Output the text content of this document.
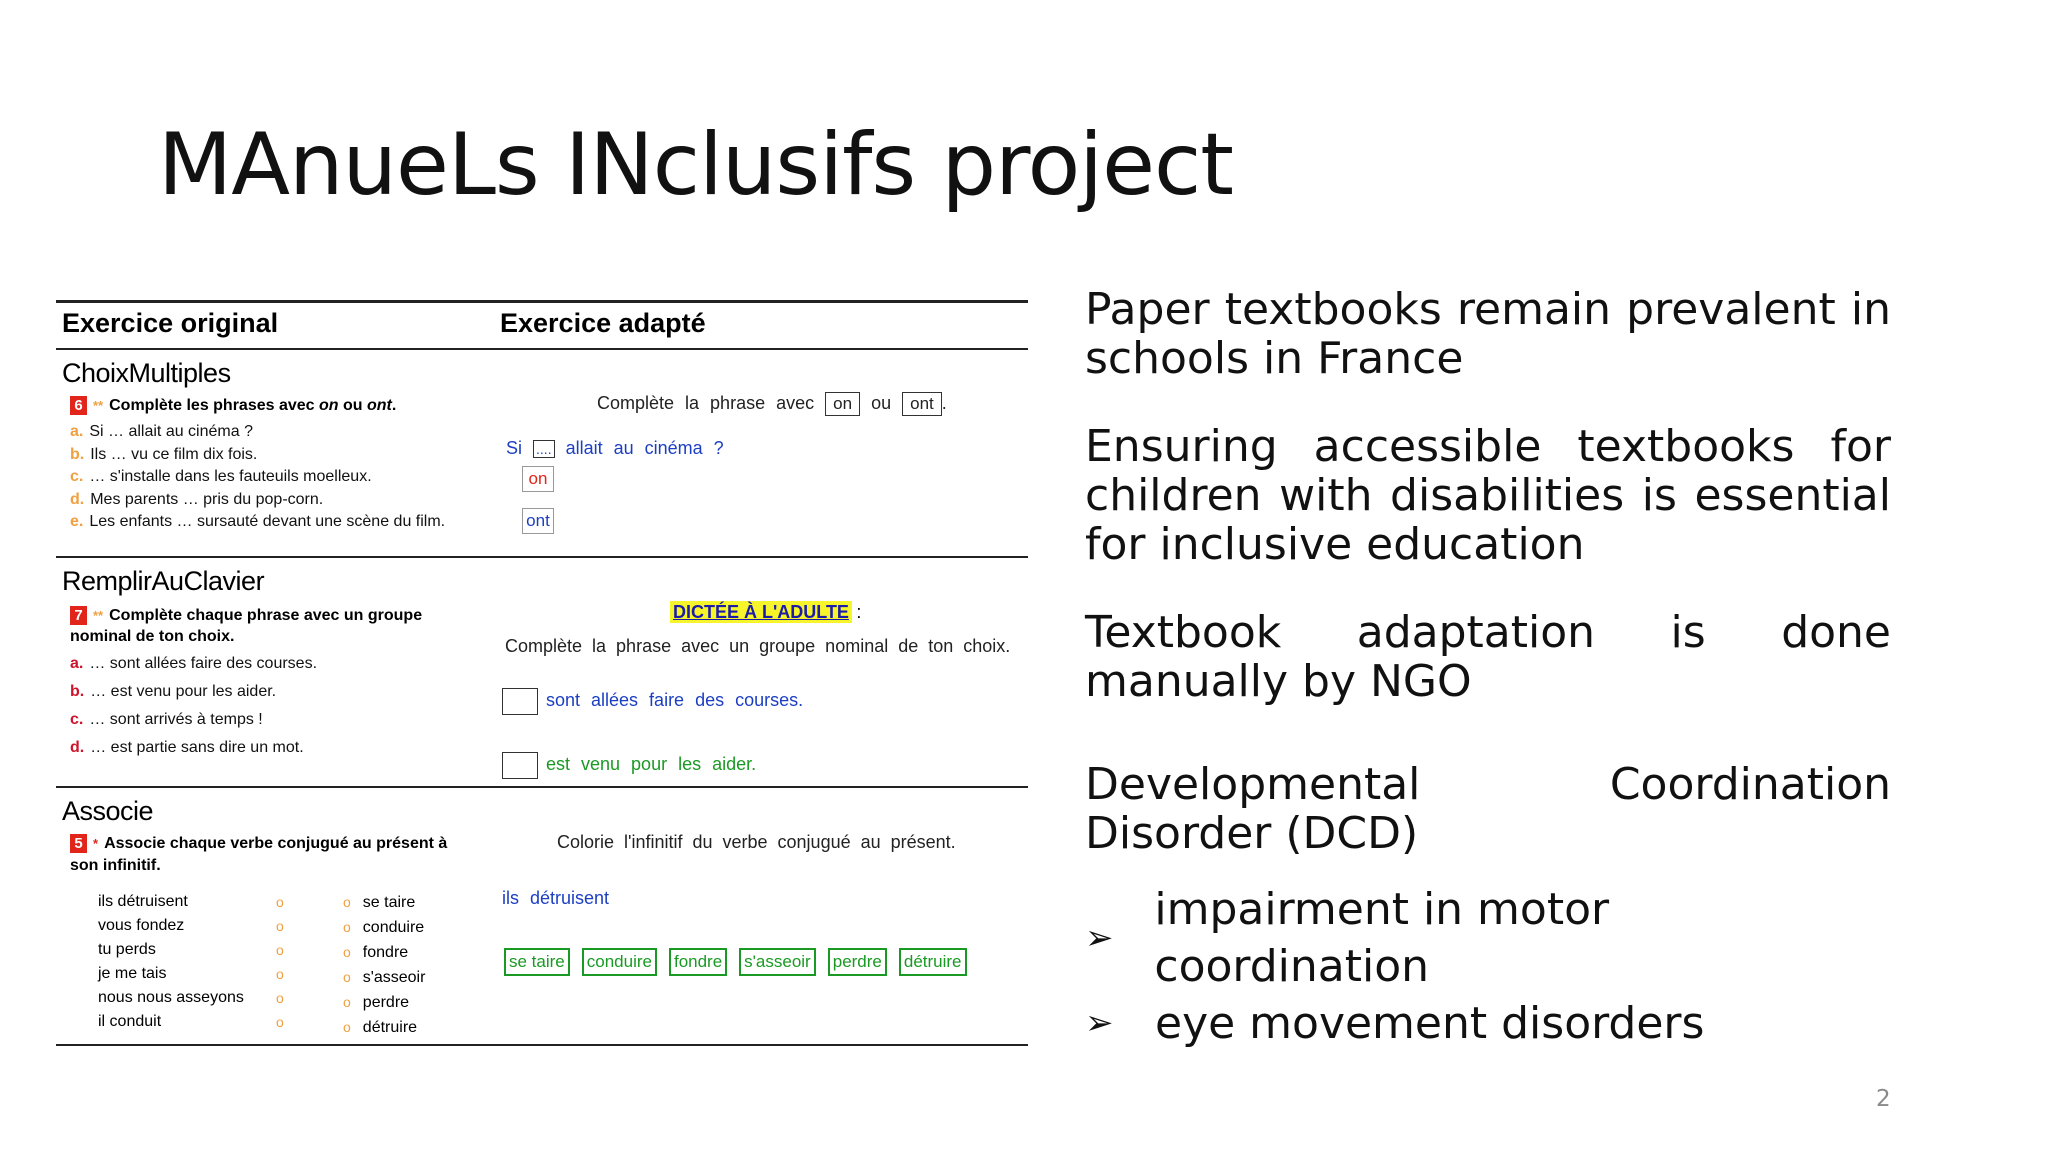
MAnueLs INclusifs project
Exercice original	Exercice adapté
ChoixMultiples
6 ** Complète les phrases avec on ou ont.
a. Si … allait au cinéma ?
b. Ils … vu ce film dix fois.
c. … s'installe dans les fauteuils moelleux.
d. Mes parents … pris du pop-corn.
e. Les enfants … sursauté devant une scène du film.
Complète la phrase avec on ou ont .
Si .... allait au cinéma ?
on
ont
RemplirAuClavier
7 ** Complète chaque phrase avec un groupe
nominal de ton choix.
a. … sont allées faire des courses.
b. … est venu pour les aider.
c. … sont arrivés à temps !
d. … est partie sans dire un mot.
DICTÉE À L'ADULTE :
Complète la phrase avec un groupe nominal de ton choix.
sont allées faire des courses.
est venu pour les aider.
Associe
5 * Associe chaque verbe conjugué au présent à
son infinitif.
ils détruisent
vous fondez
tu perds
je me tais
nous nous asseyons
il conduit
o
o
o
o
o
o
o se taire
o conduire
o fondre
o s'asseoir
o perdre
o détruire
Colorie l'infinitif du verbe conjugué au présent.
ils détruisent
se taire conduire fondre s'asseoir perdre détruire

Paper textbooks remain prevalent in schools in France

Ensuring accessible textbooks for children with disabilities is essential for inclusive education

Textbook adaptation is done manually by NGO

Developmental Coordination Disorder (DCD)

➢
impairment in motor coordination
➢ eye movement disorders
2
